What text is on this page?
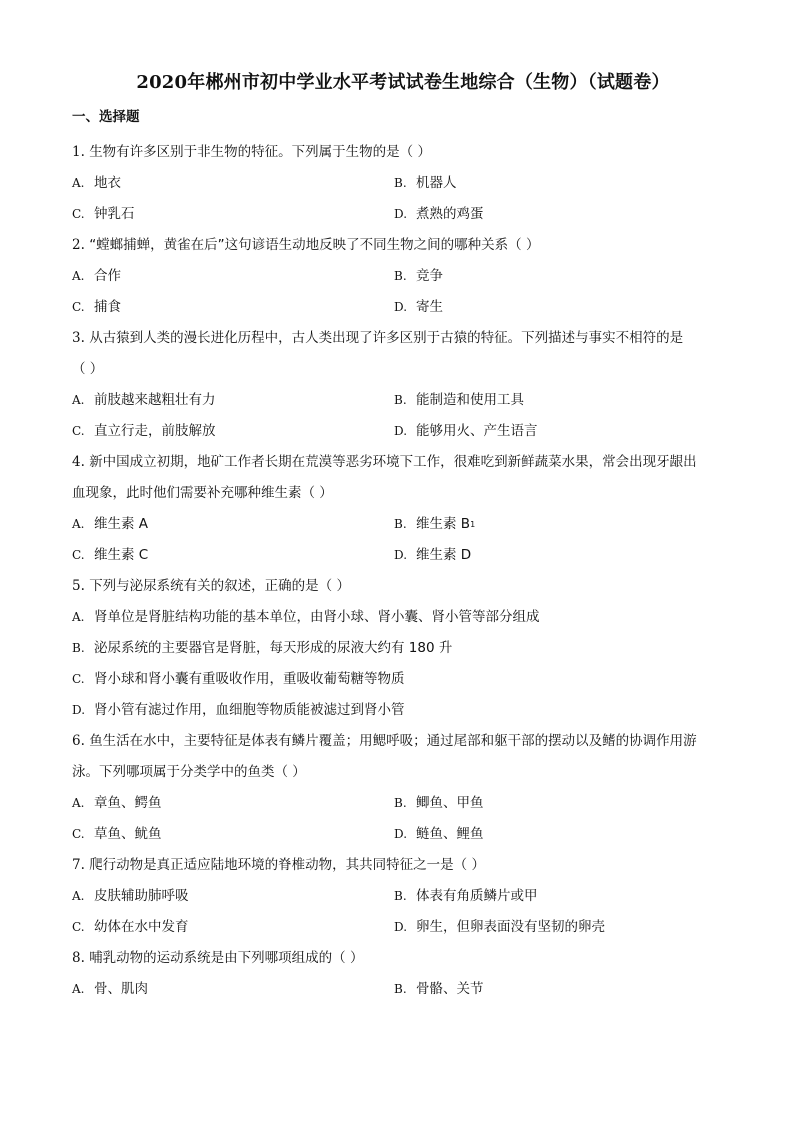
2020年郴州市初中学业水平考试试卷生地综合（生物）（试题卷）
一、选择题
1. 生物有许多区别于非生物的特征。下列属于生物的是（ ）
A. 地衣	B. 机器人
C. 钟乳石	D. 煮熟的鸡蛋
2. “螳螂捕蝉，黄雀在后”这句谚语生动地反映了不同生物之间的哪种关系（ ）
A. 合作	B. 竞争
C. 捕食	D. 寄生
3. 从古猿到人类的漫长进化历程中，古人类出现了许多区别于古猿的特征。下列描述与事实不相符的是
（ ）
A. 前肢越来越粗壮有力	B. 能制造和使用工具
C. 直立行走，前肢解放	D. 能够用火、产生语言
4. 新中国成立初期，地矿工作者长期在荒漠等恶劣环境下工作，很难吃到新鲜蔬菜水果，常会出现牙龈出
血现象，此时他们需要补充哪种维生素（ ）
A. 维生素 A	B. 维生素 B 1
C. 维生素 C	D. 维生素 D
5. 下列与泌尿系统有关的叙述，正确的是（ ）
A. 肾单位是肾脏结构功能的基本单位，由肾小球、肾小囊、肾小管等部分组成
B. 泌尿系统的主要器官是肾脏，每天形成的尿液大约有 180 升
C. 肾小球和肾小囊有重吸收作用，重吸收葡萄糖等物质
D. 肾小管有滤过作用，血细胞等物质能被滤过到肾小管
6. 鱼生活在水中，主要特征是体表有鳞片覆盖；用鳃呼吸；通过尾部和躯干部的摆动以及鳍的协调作用游
泳。下列哪项属于分类学中的鱼类（ ）
A. 章鱼、鳄鱼	B. 鲫鱼、甲鱼
C. 草鱼、鱿鱼	D. 鲢鱼、鲤鱼
7. 爬行动物是真正适应陆地环境的脊椎动物，其共同特征之一是（ ）
A. 皮肤辅助肺呼吸	B. 体表有角质鳞片或甲
C. 幼体在水中发育	D. 卵生，但卵表面没有坚韧的卵壳
8. 哺乳动物的运动系统是由下列哪项组成的（ ）
A. 骨、肌肉	B. 骨骼、关节
